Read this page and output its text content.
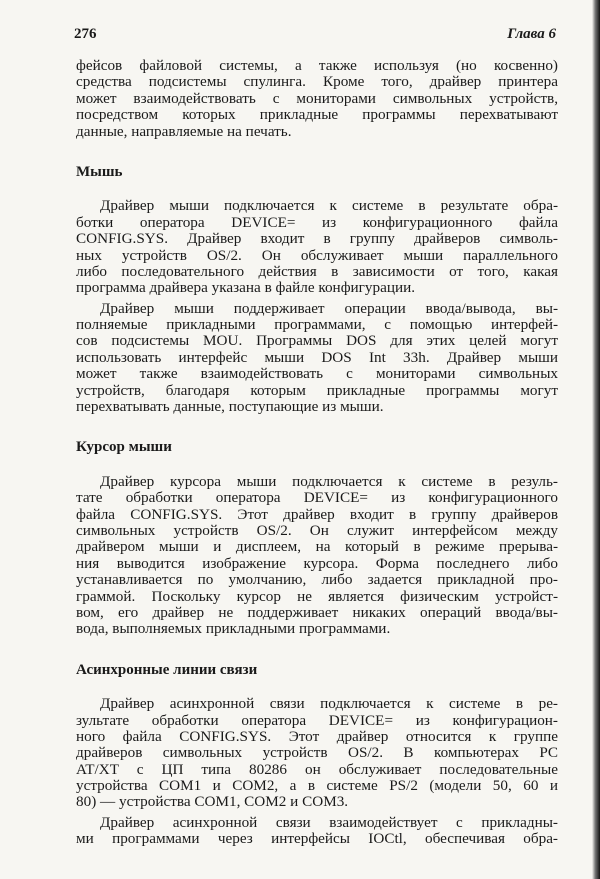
276	Глава 6
фейсов файловой системы, а также используя (но косвенно)
средства подсистемы спулинга. Кроме того, драйвер принтера
может взаимодействовать с мониторами символьных устройств,
посредством которых прикладные программы перехватывают
данные, направляемые на печать.
Мышь
Драйвер мыши подключается к системе в результате обра-
ботки оператора DEVICE= из конфигурационного файла
CONFIG.SYS. Драйвер входит в группу драйверов символь-
ных устройств OS/2. Он обслуживает мыши параллельного
либо последовательного действия в зависимости от того, какая
программа драйвера указана в файле конфигурации.
Драйвер мыши поддерживает операции ввода/вывода, вы-
полняемые прикладными программами, с помощью интерфей-
сов подсистемы MOU. Программы DOS для этих целей могут
использовать интерфейс мыши DOS Int 33h. Драйвер мыши
может также взаимодействовать с мониторами символьных
устройств, благодаря которым прикладные программы могут
перехватывать данные, поступающие из мыши.
Курсор мыши
Драйвер курсора мыши подключается к системе в резуль-
тате обработки оператора DEVICE= из конфигурационного
файла CONFIG.SYS. Этот драйвер входит в группу драйверов
символьных устройств OS/2. Он служит интерфейсом между
драйвером мыши и дисплеем, на который в режиме прерыва-
ния выводится изображение курсора. Форма последнего либо
устанавливается по умолчанию, либо задается прикладной про-
граммой. Поскольку курсор не является физическим устройст-
вом, его драйвер не поддерживает никаких операций ввода/вы-
вода, выполняемых прикладными программами.
Асинхронные линии связи
Драйвер асинхронной связи подключается к системе в ре-
зультате обработки оператора DEVICE= из конфигурацион-
ного файла CONFIG.SYS. Этот драйвер относится к группе
драйверов символьных устройств OS/2. В компьютерах PC
AT/XT с ЦП типа 80286 он обслуживает последовательные
устройства COM1 и COM2, а в системе PS/2 (модели 50, 60 и
80) — устройства COM1, COM2 и COM3.
Драйвер асинхронной связи взаимодействует с прикладны-
ми программами через интерфейсы IOCtl, обеспечивая обра-
